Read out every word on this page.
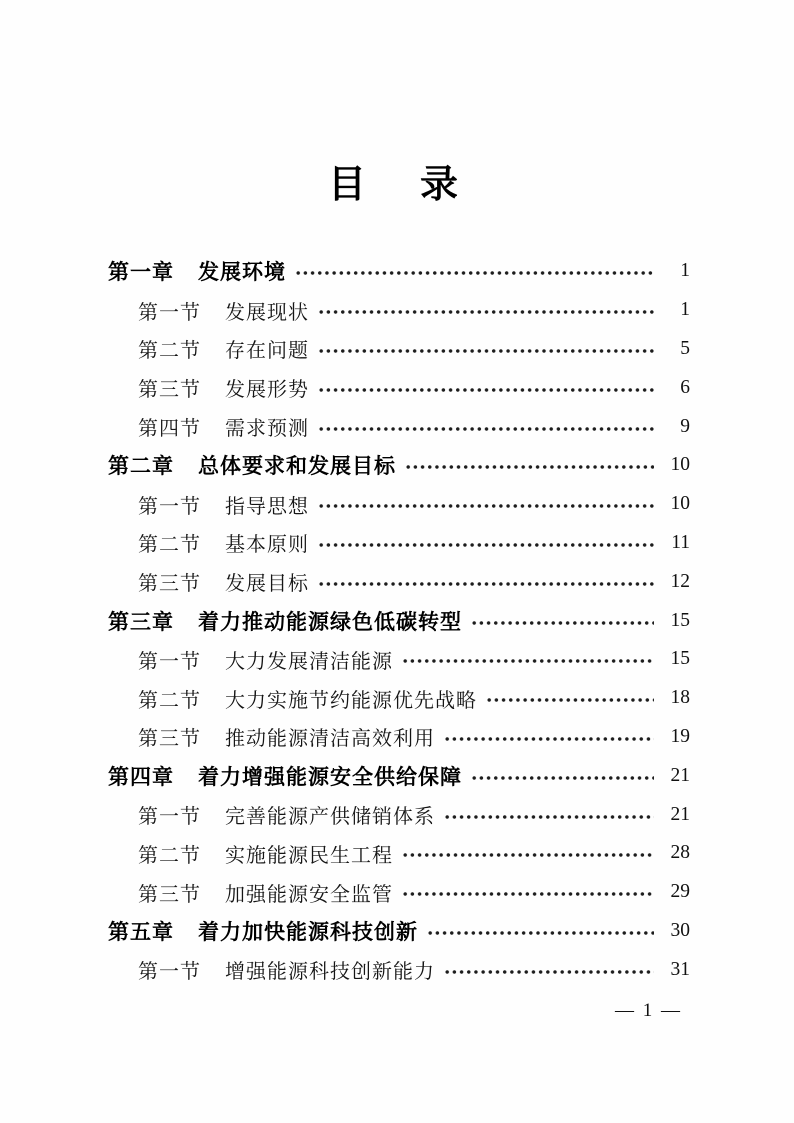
目　录
第一章 发展环境	1
第一节 发展现状	1
第二节 存在问题	5
第三节 发展形势	6
第四节 需求预测	9
第二章 总体要求和发展目标	10
第一节 指导思想	10
第二节 基本原则	11
第三节 发展目标	12
第三章 着力推动能源绿色低碳转型	15
第一节 大力发展清洁能源	15
第二节 大力实施节约能源优先战略	18
第三节 推动能源清洁高效利用	19
第四章 着力增强能源安全供给保障	21
第一节 完善能源产供储销体系	21
第二节 实施能源民生工程	28
第三节 加强能源安全监管	29
第五章 着力加快能源科技创新	30
第一节 增强能源科技创新能力	31
— 1 —
